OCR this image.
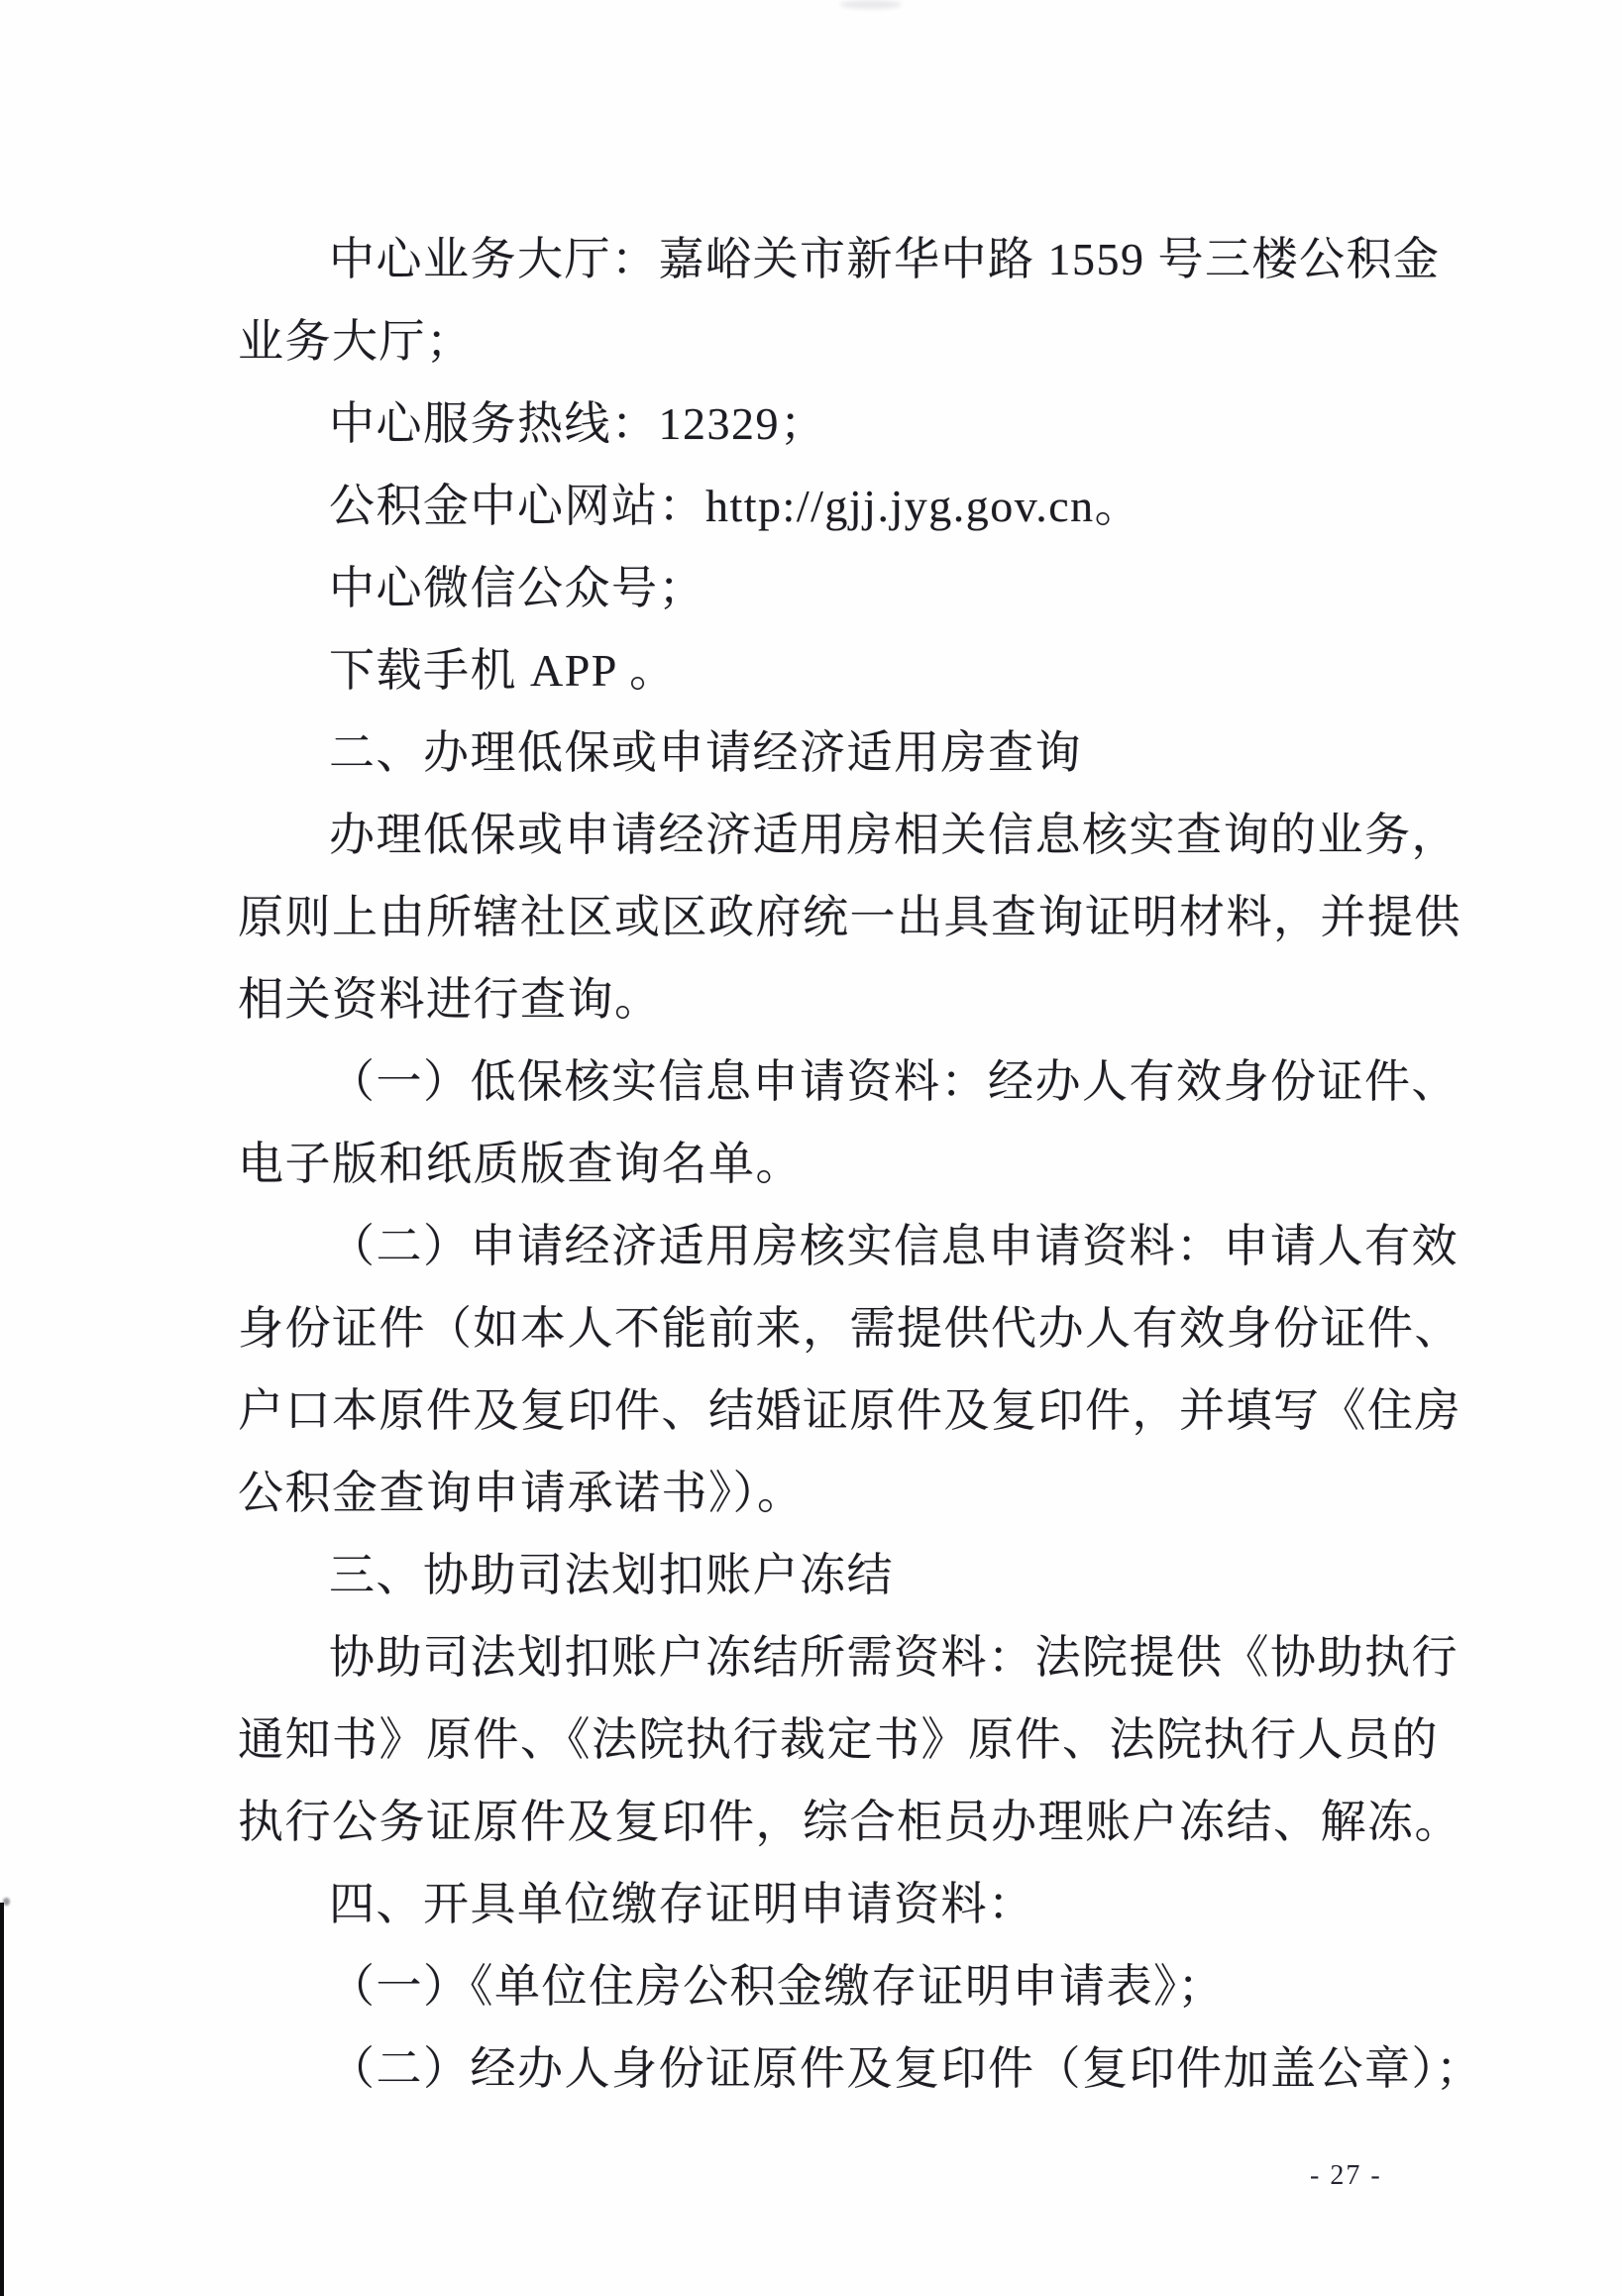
中心业务大厅：嘉峪关市新华中路 1559 号三楼公积金
业务大厅；
中心服务热线：12329；
公积金中心网站：http://gjj.jyg.gov.cn。
中心微信公众号；
下载手机 APP 。
二、办理低保或申请经济适用房查询
办理低保或申请经济适用房相关信息核实查询的业务，
原则上由所辖社区或区政府统一出具查询证明材料，并提供
相关资料进行查询。
（一）低保核实信息申请资料：经办人有效身份证件、
电子版和纸质版查询名单。
（二）申请经济适用房核实信息申请资料：申请人有效
身份证件（如本人不能前来，需提供代办人有效身份证件、
户口本原件及复印件、结婚证原件及复印件，并填写《住房
公积金查询申请承诺书》）。
三、协助司法划扣账户冻结
协助司法划扣账户冻结所需资料：法院提供《协助执行
通知书》原件、《法院执行裁定书》原件、法院执行人员的
执行公务证原件及复印件，综合柜员办理账户冻结、解冻。
四、开具单位缴存证明申请资料：
（一）《单位住房公积金缴存证明申请表》；
（二）经办人身份证原件及复印件（复印件加盖公章）；
- 27 -
